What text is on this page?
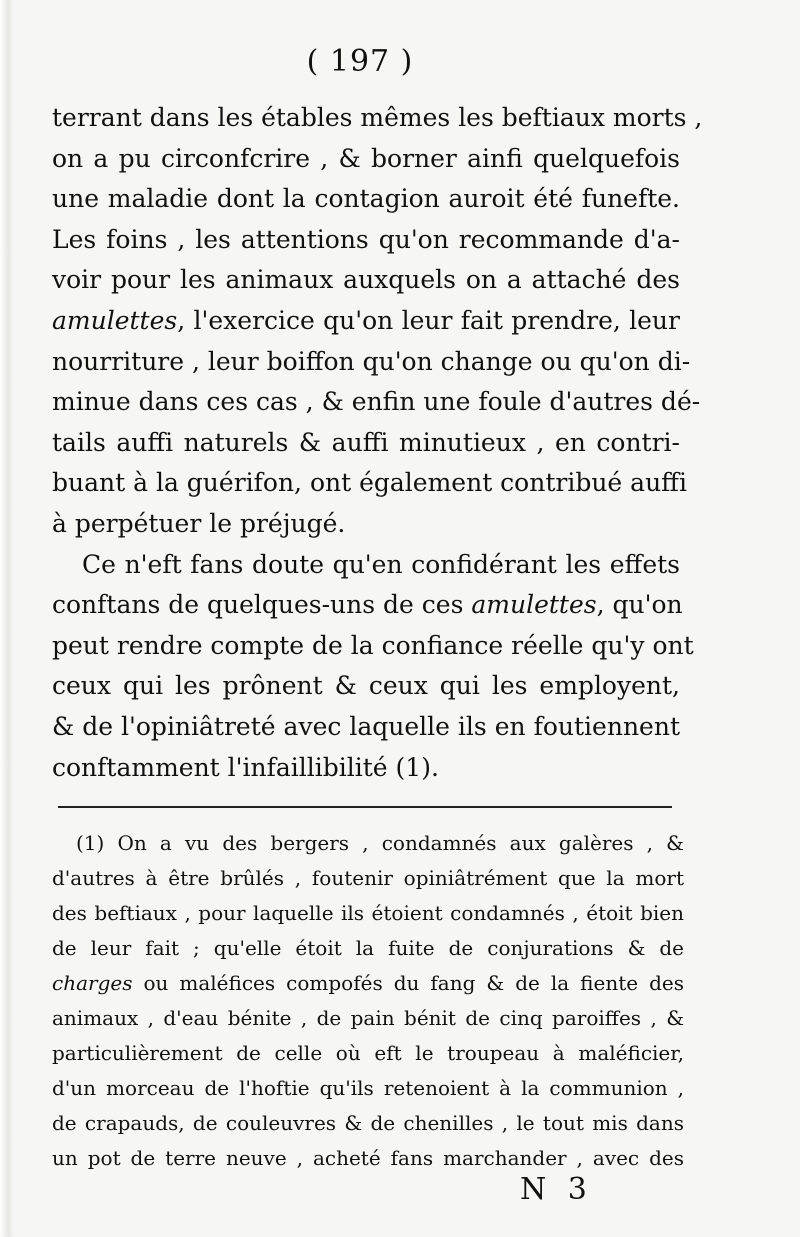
( 197 )
terrant dans les étables mêmes les beftiaux morts ,
on a pu circonfcrire , & borner ainfi quelquefois
une maladie dont la contagion auroit été funefte.
Les foins , les attentions qu'on recommande d'a-
voir pour les animaux auxquels on a attaché des
amulettes, l'exercice qu'on leur fait prendre, leur
nourriture , leur boiffon qu'on change ou qu'on di-
minue dans ces cas , & enfin une foule d'autres dé-
tails auffi naturels & auffi minutieux , en contri-
buant à la guérifon, ont également contribué auffi
à perpétuer le préjugé.
Ce n'eft fans doute qu'en confidérant les effets
conftans de quelques-uns de ces amulettes, qu'on
peut rendre compte de la confiance réelle qu'y ont
ceux qui les prônent & ceux qui les employent,
& de l'opiniâtreté avec laquelle ils en foutiennent
conftamment l'infaillibilité (1).
(1) On a vu des bergers , condamnés aux galères , &
d'autres à être brûlés , foutenir opiniâtrément que la mort
des beftiaux , pour laquelle ils étoient condamnés , étoit bien
de leur fait ; qu'elle étoit la fuite de conjurations & de
charges ou maléfices compofés du fang & de la fiente des
animaux , d'eau bénite , de pain bénit de cinq paroiffes , &
particulièrement de celle où eft le troupeau à maléficier,
d'un morceau de l'hoftie qu'ils retenoient à la communion ,
de crapauds, de couleuvres & de chenilles , le tout mis dans
un pot de terre neuve , acheté fans marchander , avec des
N 3
